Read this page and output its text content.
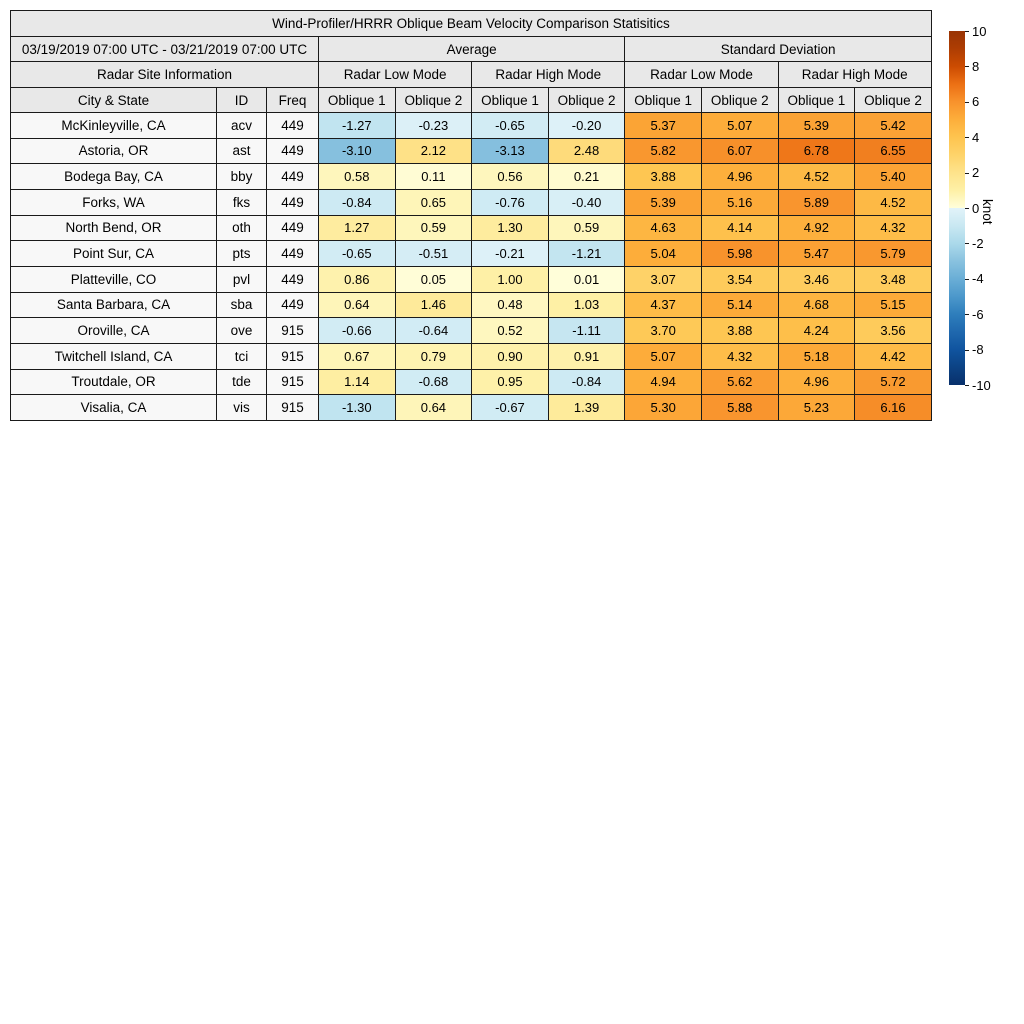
Wind-Profiler/HRRR Oblique Beam Velocity Comparison Statisitics										
03/19/2019 07:00 UTC - 03/21/2019 07:00 UTC			Average				Standard Deviation			
Radar Site Information			Radar Low Mode		Radar High Mode		Radar Low Mode		Radar High Mode	
City & State	ID	Freq	Oblique 1	Oblique 2	Oblique 1	Oblique 2	Oblique 1	Oblique 2	Oblique 1	Oblique 2
McKinleyville, CA	acv	449	-1.27	-0.23	-0.65	-0.20	5.37	5.07	5.39	5.42
Astoria, OR	ast	449	-3.10	2.12	-3.13	2.48	5.82	6.07	6.78	6.55
Bodega Bay, CA	bby	449	0.58	0.11	0.56	0.21	3.88	4.96	4.52	5.40
Forks, WA	fks	449	-0.84	0.65	-0.76	-0.40	5.39	5.16	5.89	4.52
North Bend, OR	oth	449	1.27	0.59	1.30	0.59	4.63	4.14	4.92	4.32
Point Sur, CA	pts	449	-0.65	-0.51	-0.21	-1.21	5.04	5.98	5.47	5.79
Platteville, CO	pvl	449	0.86	0.05	1.00	0.01	3.07	3.54	3.46	3.48
Santa Barbara, CA	sba	449	0.64	1.46	0.48	1.03	4.37	5.14	4.68	5.15
Oroville, CA	ove	915	-0.66	-0.64	0.52	-1.11	3.70	3.88	4.24	3.56
Twitchell Island, CA	tci	915	0.67	0.79	0.90	0.91	5.07	4.32	5.18	4.42
Troutdale, OR	tde	915	1.14	-0.68	0.95	-0.84	4.94	5.62	4.96	5.72
Visalia, CA	vis	915	-1.30	0.64	-0.67	1.39	5.30	5.88	5.23	6.16
10
8
6
4
2
0
-2
-4
-6
-8
-10
knot
